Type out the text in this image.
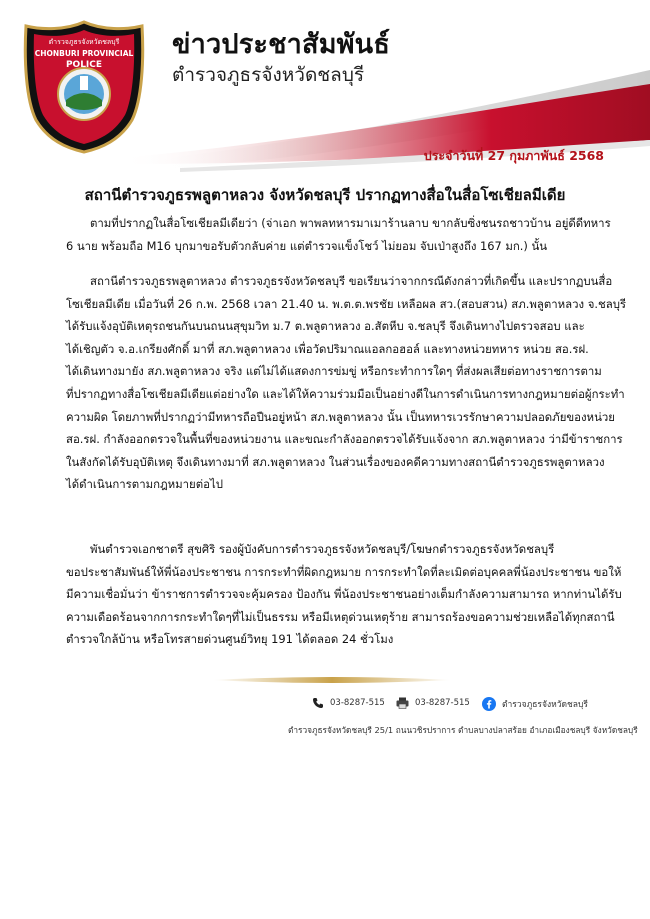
ตำรวจภูธรจังหวัดชลบุรี
CHONBURI PROVINCIAL
POLICE
ข่าวประชาสัมพันธ์
ตำรวจภูธรจังหวัดชลบุรี
ประจำวันที่ 27 กุมภาพันธ์ 2568
สถานีตำรวจภูธรพลูตาหลวง จังหวัดชลบุรี ปรากฏทางสื่อในสื่อโซเชียลมีเดีย
ตามที่ปรากฏในสื่อโซเชียลมีเดียว่า (จ่าเอก พาพลทหารมาเมาร้านลาบ ขากลับซิ่งชนรถชาวบ้าน อยู่ดีดีทหาร
6 นาย พร้อมถือ M16 บุกมาขอรับตัวกลับค่าย แต่ตำรวจแข็งโชว์ ไม่ยอม จับเป่าสูงถึง 167 มก.) นั้น
สถานีตำรวจภูธรพลูตาหลวง ตำรวจภูธรจังหวัดชลบุรี ขอเรียนว่าจากกรณีดังกล่าวที่เกิดขึ้น และปรากฏบนสื่อ
โซเชียลมีเดีย เมื่อวันที่ 26 ก.พ. 2568 เวลา 21.40 น. พ.ต.ต.พรชัย เหลือผล สว.(สอบสวน) สภ.พลูตาหลวง จ.ชลบุรี
ได้รับแจ้งอุบัติเหตุรถชนกันบนถนนสุขุมวิท ม.7 ต.พลูตาหลวง อ.สัตหีบ จ.ชลบุรี จึงเดินทางไปตรวจสอบ และ
ได้เชิญตัว จ.อ.เกรียงศักดิ์ มาที่ สภ.พลูตาหลวง เพื่อวัดปริมาณแอลกอฮอล์ และทางหน่วยทหาร หน่วย สอ.รฝ.
ได้เดินทางมายัง สภ.พลูตาหลวง จริง แต่ไม่ได้แสดงการข่มขู่ หรือกระทำการใดๆ ที่ส่งผลเสียต่อทางราชการตาม
ที่ปรากฏทางสื่อโซเชียลมีเดียแต่อย่างใด และได้ให้ความร่วมมือเป็นอย่างดีในการดำเนินการทางกฎหมายต่อผู้กระทำ
ความผิด โดยภาพที่ปรากฏว่ามีทหารถือปืนอยู่หน้า สภ.พลูตาหลวง นั้น เป็นทหารเวรรักษาความปลอดภัยของหน่วย
สอ.รฝ. กำลังออกตรวจในพื้นที่ของหน่วยงาน และขณะกำลังออกตรวจได้รับแจ้งจาก สภ.พลูตาหลวง ว่ามีข้าราชการ
ในสังกัดได้รับอุบัติเหตุ จึงเดินทางมาที่ สภ.พลูตาหลวง ในส่วนเรื่องของคดีความทางสถานีตำรวจภูธรพลูตาหลวง
ได้ดำเนินการตามกฎหมายต่อไป
พันตำรวจเอกชาตรี สุขศิริ รองผู้บังคับการตำรวจภูธรจังหวัดชลบุรี/โฆษกตำรวจภูธรจังหวัดชลบุรี
ขอประชาสัมพันธ์ให้พี่น้องประชาชน การกระทำที่ผิดกฎหมาย การกระทำใดที่ละเมิดต่อบุคคลพี่น้องประชาชน ขอให้
มีความเชื่อมั่นว่า ข้าราชการตำรวจจะคุ้มครอง ป้องกัน พี่น้องประชาชนอย่างเต็มกำลังความสามารถ หากท่านได้รับ
ความเดือดร้อนจากการกระทำใดๆที่ไม่เป็นธรรม หรือมีเหตุด่วนเหตุร้าย สามารถร้องขอความช่วยเหลือได้ทุกสถานี
ตำรวจใกล้บ้าน หรือโทรสายด่วนศูนย์วิทยุ 191 ได้ตลอด 24 ชั่วโมง
03-8287-515	03-8287-515	ตำรวจภูธรจังหวัดชลบุรี
ตำรวจภูธรจังหวัดชลบุรี 25/1 ถนนวชิรปราการ ตำบลบางปลาสร้อย อำเภอเมืองชลบุรี จังหวัดชลบุรี
